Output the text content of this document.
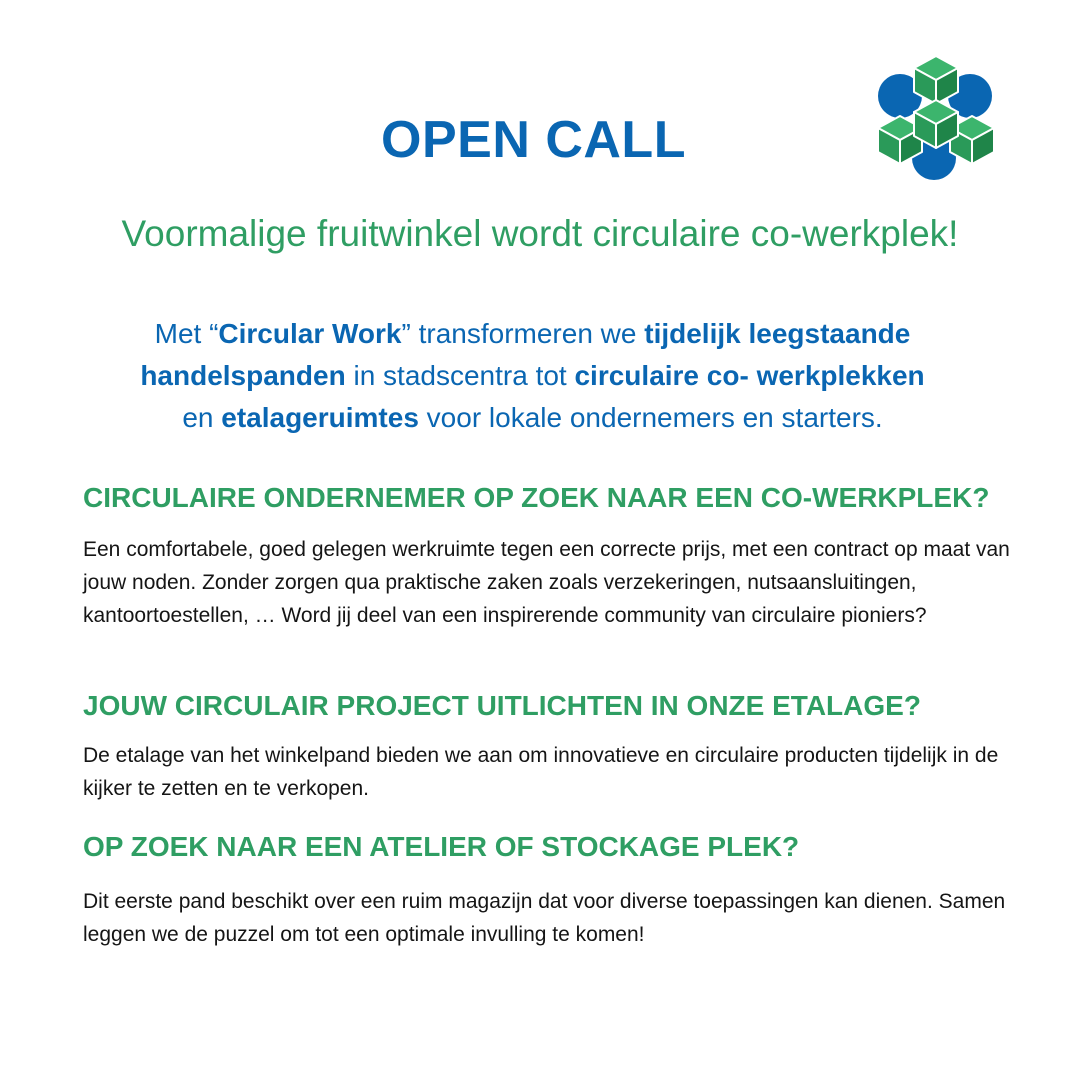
OPEN CALL

Voormalige fruitwinkel wordt circulaire co-werkplek!

Met “Circular Work” transformeren we tijdelijk leegstaande
handelspanden in stadscentra tot circulaire co- werkplekken
en etalageruimtes voor lokale ondernemers en starters.

CIRCULAIRE ONDERNEMER OP ZOEK NAAR EEN CO-WERKPLEK?

Een comfortabele, goed gelegen werkruimte tegen een correcte prijs, met een contract op maat van jouw noden. Zonder zorgen qua praktische zaken zoals verzekeringen, nutsaansluitingen, kantoortoestellen, … Word jij deel van een inspirerende community van circulaire pioniers?

JOUW CIRCULAIR PROJECT UITLICHTEN IN ONZE ETALAGE?

De etalage van het winkelpand bieden we aan om innovatieve en circulaire producten tijdelijk in de kijker te zetten en te verkopen.

OP ZOEK NAAR EEN ATELIER OF STOCKAGE PLEK?

Dit eerste pand beschikt over een ruim magazijn dat voor diverse toepassingen kan dienen. Samen leggen we de puzzel om tot een optimale invulling te komen!
